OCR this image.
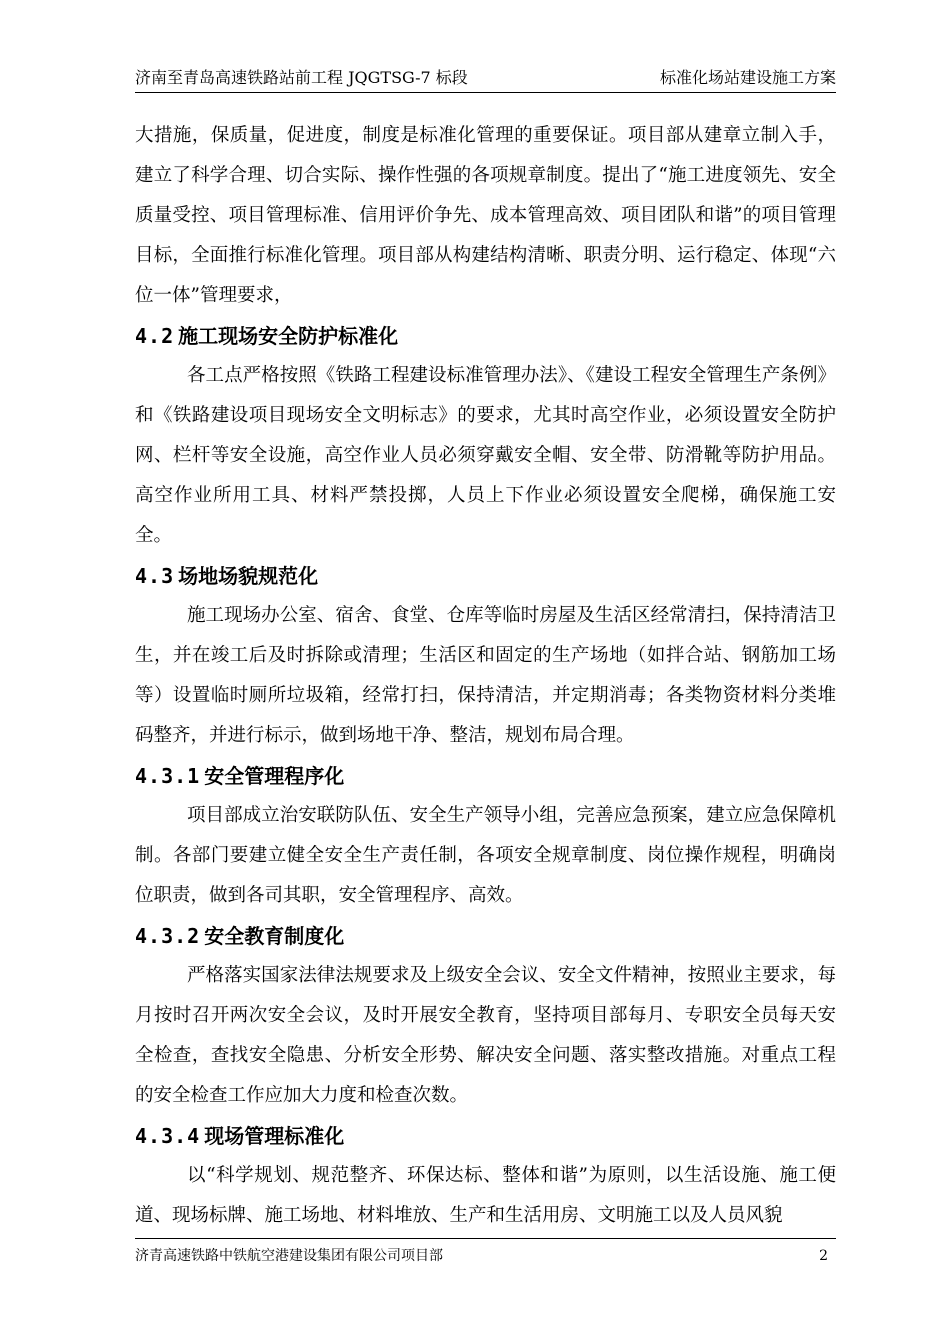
济南至青岛高速铁路站前工程 JQGTSG-7 标段	标准化场站建设施工方案

大措施，保质量，促进度，制度是标准化管理的重要保证。项目部从建章立制入手，建立了科学合理、切合实际、操作性强的各项规章制度。提出了“施工进度领先、安全质量受控、项目管理标准、信用评价争先、成本管理高效、项目团队和谐”的项目管理目标，全面推行标准化管理。项目部从构建结构清晰、职责分明、运行稳定、体现“六位一体”管理要求，

4.2 施工现场安全防护标准化

各工点严格按照《铁路工程建设标准管理办法》、《建设工程安全管理生产条例》和《铁路建设项目现场安全文明标志》的要求，尤其时高空作业，必须设置安全防护网、栏杆等安全设施，高空作业人员必须穿戴安全帽、安全带、防滑靴等防护用品。高空作业所用工具、材料严禁投掷，人员上下作业必须设置安全爬梯，确保施工安全。

4.3 场地场貌规范化

施工现场办公室、宿舍、食堂、仓库等临时房屋及生活区经常清扫，保持清洁卫生，并在竣工后及时拆除或清理；生活区和固定的生产场地（如拌合站、钢筋加工场等）设置临时厕所垃圾箱，经常打扫，保持清洁，并定期消毒；各类物资材料分类堆码整齐，并进行标示，做到场地干净、整洁，规划布局合理。

4.3.1 安全管理程序化

项目部成立治安联防队伍、安全生产领导小组，完善应急预案，建立应急保障机制。各部门要建立健全安全生产责任制，各项安全规章制度、岗位操作规程，明确岗位职责，做到各司其职，安全管理程序、高效。

4.3.2 安全教育制度化

严格落实国家法律法规要求及上级安全会议、安全文件精神，按照业主要求，每月按时召开两次安全会议，及时开展安全教育，坚持项目部每月、专职安全员每天安全检查，查找安全隐患、分析安全形势、解决安全问题、落实整改措施。对重点工程的安全检查工作应加大力度和检查次数。

4.3.4 现场管理标准化

以“科学规划、规范整齐、环保达标、整体和谐”为原则，以生活设施、施工便道、现场标牌、施工场地、材料堆放、生产和生活用房、文明施工以及人员风貌

济青高速铁路中铁航空港建设集团有限公司项目部	2
